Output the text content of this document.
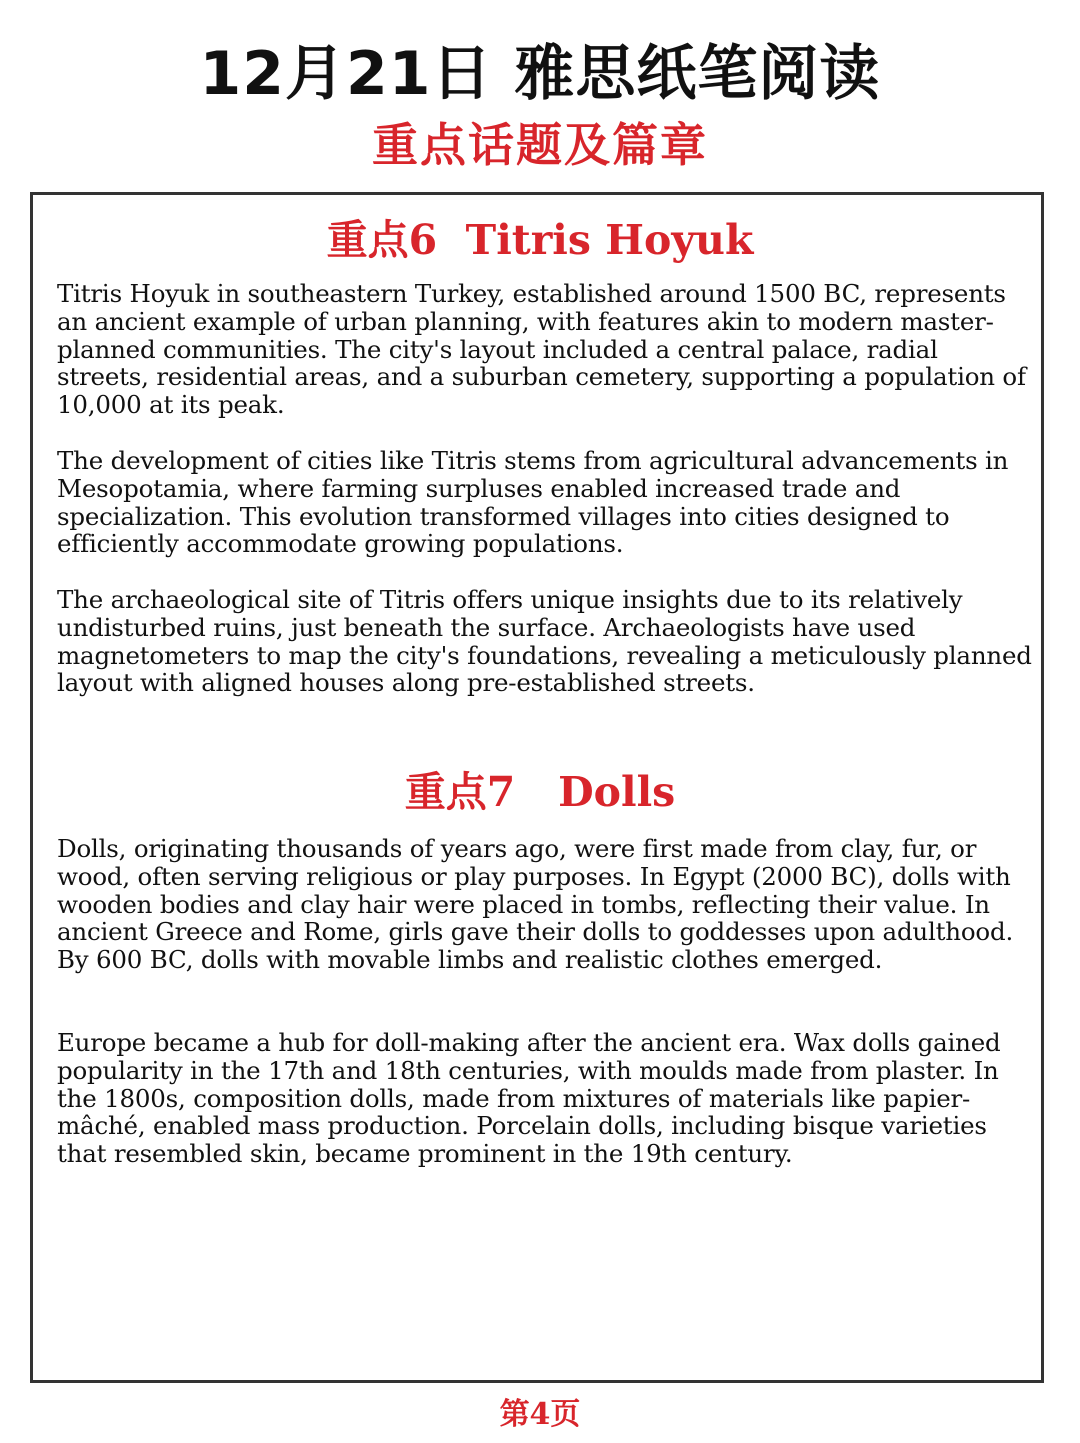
12月21日 雅思纸笔阅读
重点话题及篇章
重点6  Titris Hoyuk

Titris Hoyuk in southeastern Turkey, established around 1500 BC, represents an ancient example of urban planning, with features akin to modern master-planned communities. The city's layout included a central palace, radial streets, residential areas, and a suburban cemetery, supporting a population of 10,000 at its peak.

The development of cities like Titris stems from agricultural advancements in Mesopotamia, where farming surpluses enabled increased trade and specialization. This evolution transformed villages into cities designed to efficiently accommodate growing populations.

The archaeological site of Titris offers unique insights due to its relatively undisturbed ruins, just beneath the surface. Archaeologists have used magnetometers to map the city's foundations, revealing a meticulously planned layout with aligned houses along pre-established streets.

重点7   Dolls

Dolls, originating thousands of years ago, were first made from clay, fur, or wood, often serving religious or play purposes. In Egypt (2000 BC), dolls with wooden bodies and clay hair were placed in tombs, reflecting their value. In ancient Greece and Rome, girls gave their dolls to goddesses upon adulthood. By 600 BC, dolls with movable limbs and realistic clothes emerged.

Europe became a hub for doll-making after the ancient era. Wax dolls gained popularity in the 17th and 18th centuries, with moulds made from plaster. In the 1800s, composition dolls, made from mixtures of materials like papier-mâché, enabled mass production. Porcelain dolls, including bisque varieties that resembled skin, became prominent in the 19th century.

第4页
